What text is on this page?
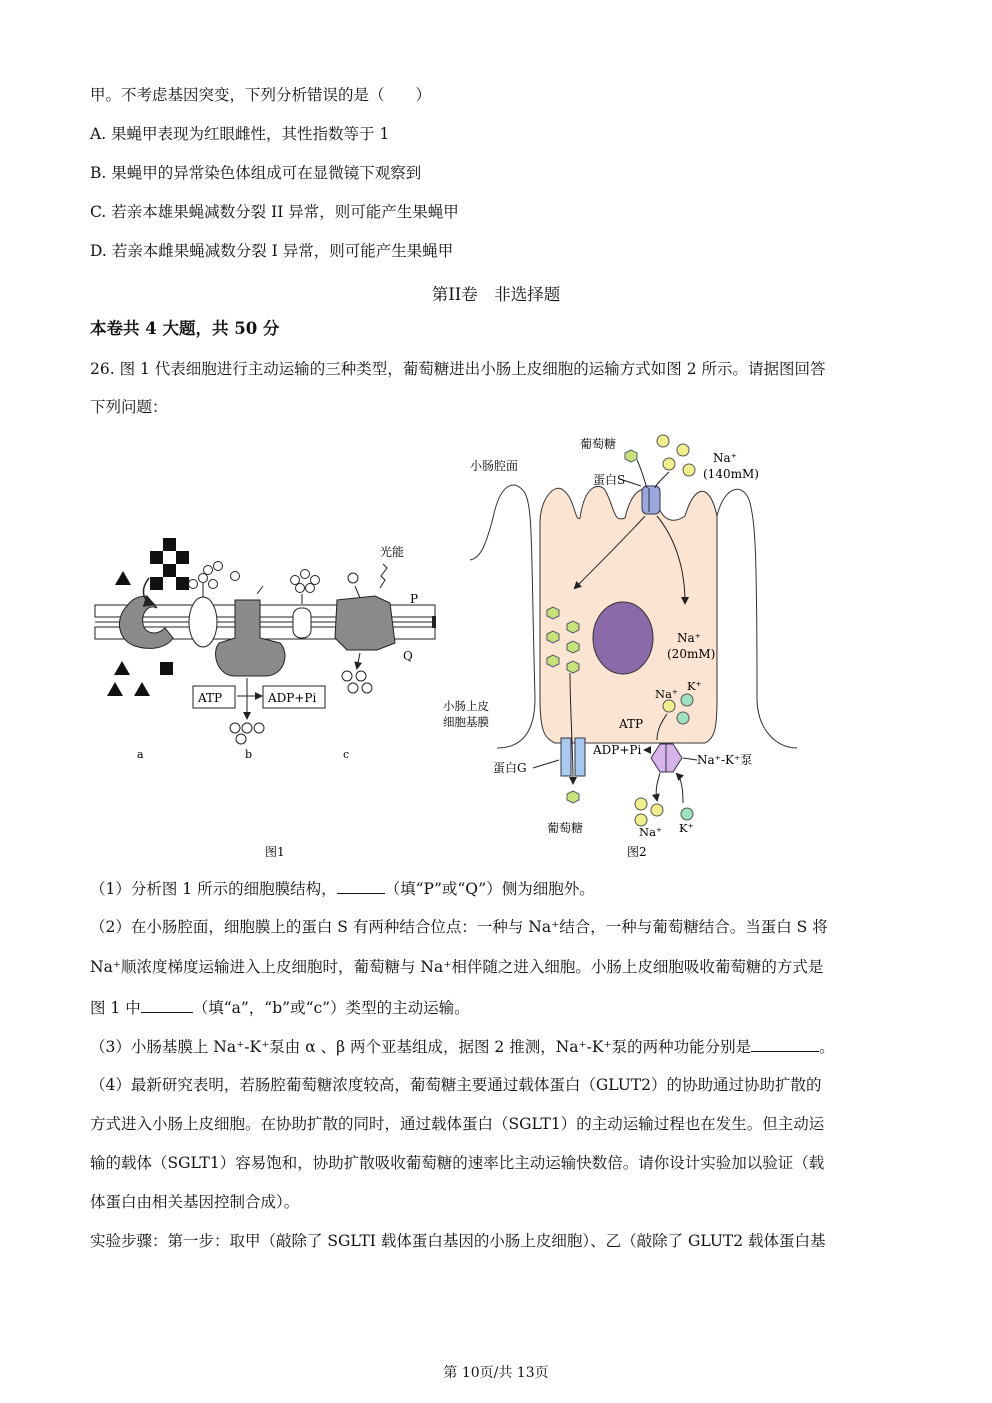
甲。不考虑基因突变，下列分析错误的是（　　）
A. 果蝇甲表现为红眼雌性，其性指数等于 1
B. 果蝇甲的异常染色体组成可在显微镜下观察到
C. 若亲本雄果蝇减数分裂 II 异常，则可能产生果蝇甲
D. 若亲本雌果蝇减数分裂 I 异常，则可能产生果蝇甲
第II卷　非选择题
本卷共 4 大题，共 50 分
26. 图 1 代表细胞进行主动运输的三种类型，葡萄糖进出小肠上皮细胞的运输方式如图 2 所示。请据图回答
下列问题：
光能
P
Q
ATP	ADP+Pi
a	b	c
图1
葡萄糖
小肠腔面
蛋白S
Na⁺
(140mM)
Na⁺
(20mM)
小肠上皮
细胞基膜
Na⁺
K⁺
ATP
ADP+Pi
蛋白G
Na⁺-K⁺泵
葡萄糖	Na⁺ K⁺
图2
（1）分析图 1 所示的细胞膜结构，	（填“P”或“Q”）侧为细胞外。
（2）在小肠腔面，细胞膜上的蛋白 S 有两种结合位点：一种与 Na⁺结合，一种与葡萄糖结合。当蛋白 S 将
Na⁺顺浓度梯度运输进入上皮细胞时，葡萄糖与 Na⁺相伴随之进入细胞。小肠上皮细胞吸收葡萄糖的方式是
图 1 中	（填“a”，“b”或“c”）类型的主动运输。
（3）小肠基膜上 Na⁺-K⁺泵由 α 、β 两个亚基组成，据图 2 推测，Na⁺-K⁺泵的两种功能分别是	。
（4）最新研究表明，若肠腔葡萄糖浓度较高，葡萄糖主要通过载体蛋白（GLUT2）的协助通过协助扩散的
方式进入小肠上皮细胞。在协助扩散的同时，通过载体蛋白（SGLT1）的主动运输过程也在发生。但主动运
输的载体（SGLT1）容易饱和，协助扩散吸收葡萄糖的速率比主动运输快数倍。请你设计实验加以验证（载
体蛋白由相关基因控制合成）。
实验步骤：第一步：取甲（敲除了 SGLTI 载体蛋白基因的小肠上皮细胞）、乙（敲除了 GLUT2 载体蛋白基
第 10页/共 13页
